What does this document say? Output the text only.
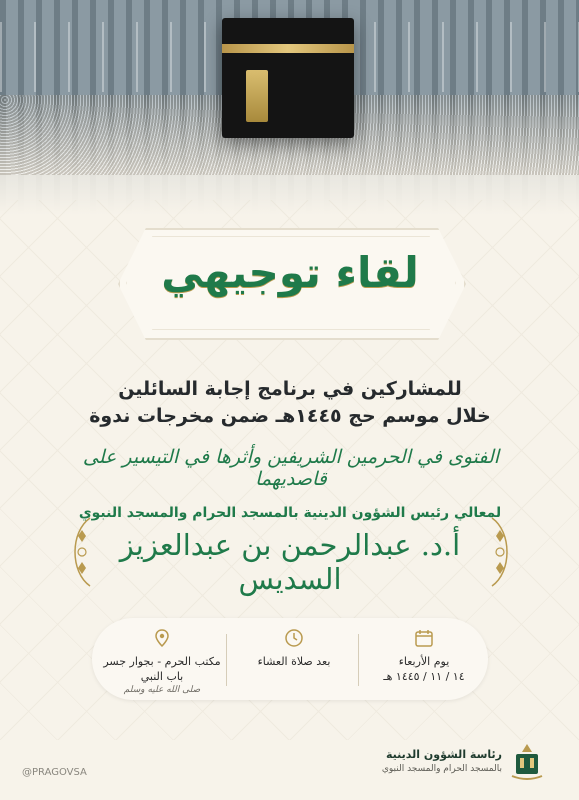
لقاء توجيهي
للمشاركين في برنامج إجابة السائلين
خلال موسم حج ١٤٤٥هـ ضمن مخرجات ندوة
الفتوى في الحرمين الشريفين وأثرها في التيسير على قاصديهما
لمعالي رئيس الشؤون الدينية بالمسجد الحرام والمسجد النبوي
أ.د. عبدالرحمن بن عبدالعزيز السديس
يوم الأربعاء
١٤ / ١١ / ١٤٤٥ هـ
بعد صلاة العشاء
مكتب الحرم - بجوار جسر
باب النبي
صلى الله عليه وسلم
@PRAGOVSA
رئاسة الشؤون الدينية
بالمسجد الحرام والمسجد النبوي
